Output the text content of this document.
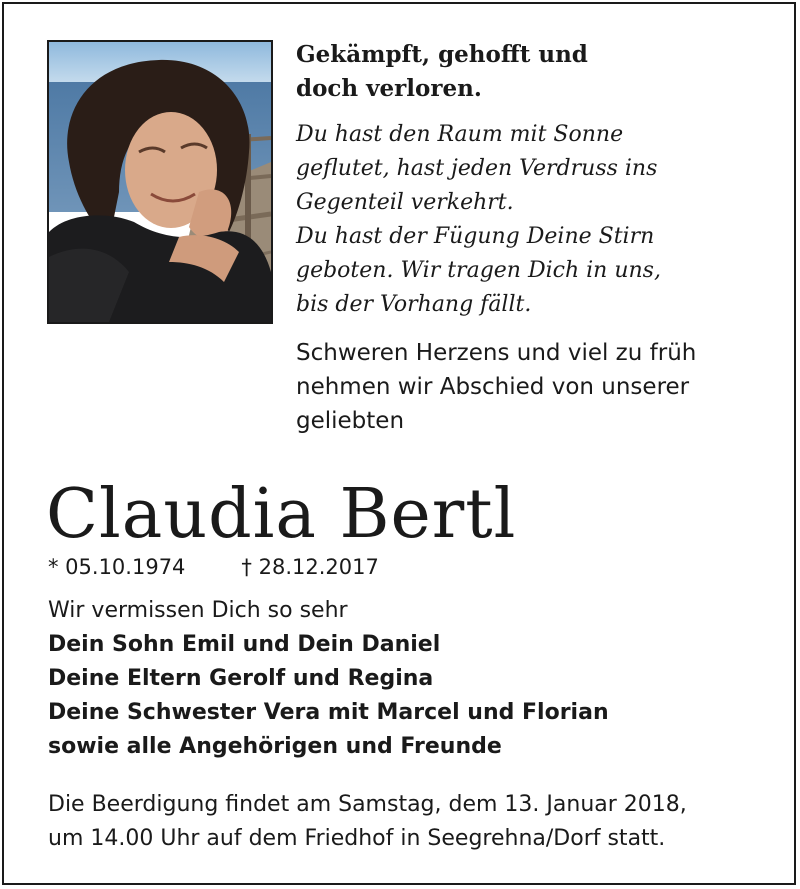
Gekämpft, gehofft und
doch verloren.
Du hast den Raum mit Sonne
geflutet, hast jeden Verdruss ins
Gegenteil verkehrt.
Du hast der Fügung Deine Stirn
geboten. Wir tragen Dich in uns,
bis der Vorhang fällt.
Schweren Herzens und viel zu früh
nehmen wir Abschied von unserer
geliebten
Claudia Bertl
* 05.10.1974	† 28.12.2017
Wir vermissen Dich so sehr
Dein Sohn Emil und Dein Daniel
Deine Eltern Gerolf und Regina
Deine Schwester Vera mit Marcel und Florian
sowie alle Angehörigen und Freunde
Die Beerdigung findet am Samstag, dem 13. Januar 2018,
um 14.00 Uhr auf dem Friedhof in Seegrehna/Dorf statt.
